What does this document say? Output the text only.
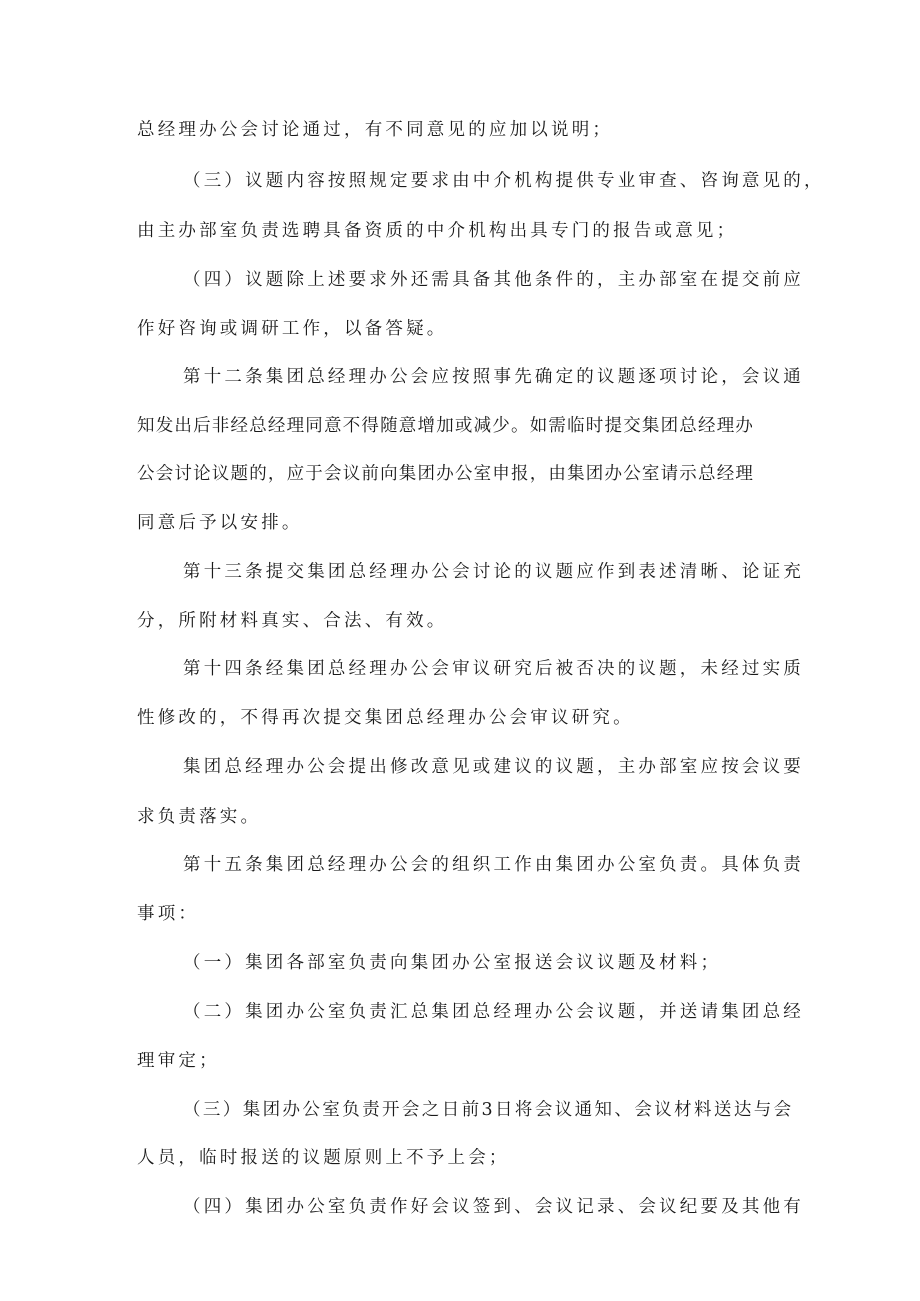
总经理办公会讨论通过，有不同意见的应加以说明；
（三）议题内容按照规定要求由中介机构提供专业审查、咨询意见的，
由主办部室负责选聘具备资质的中介机构出具专门的报告或意见；
（四）议题除上述要求外还需具备其他条件的，主办部室在提交前应
作好咨询或调研工作，以备答疑。
第十二条集团总经理办公会应按照事先确定的议题逐项讨论，会议通
知发出后非经总经理同意不得随意增加或减少。如需临时提交集团总经理办
公会讨论议题的，应于会议前向集团办公室申报，由集团办公室请示总经理
同意后予以安排。
第十三条提交集团总经理办公会讨论的议题应作到表述清晰、论证充
分，所附材料真实、合法、有效。
第十四条经集团总经理办公会审议研究后被否决的议题，未经过实质
性修改的，不得再次提交集团总经理办公会审议研究。
集团总经理办公会提出修改意见或建议的议题，主办部室应按会议要
求负责落实。
第十五条集团总经理办公会的组织工作由集团办公室负责。具体负责
事项：
（一）集团各部室负责向集团办公室报送会议议题及材料；
（二）集团办公室负责汇总集团总经理办公会议题，并送请集团总经
理审定；
（三）集团办公室负责开会之日前3日将会议通知、会议材料送达与会
人员，临时报送的议题原则上不予上会；
（四）集团办公室负责作好会议签到、会议记录、会议纪要及其他有
